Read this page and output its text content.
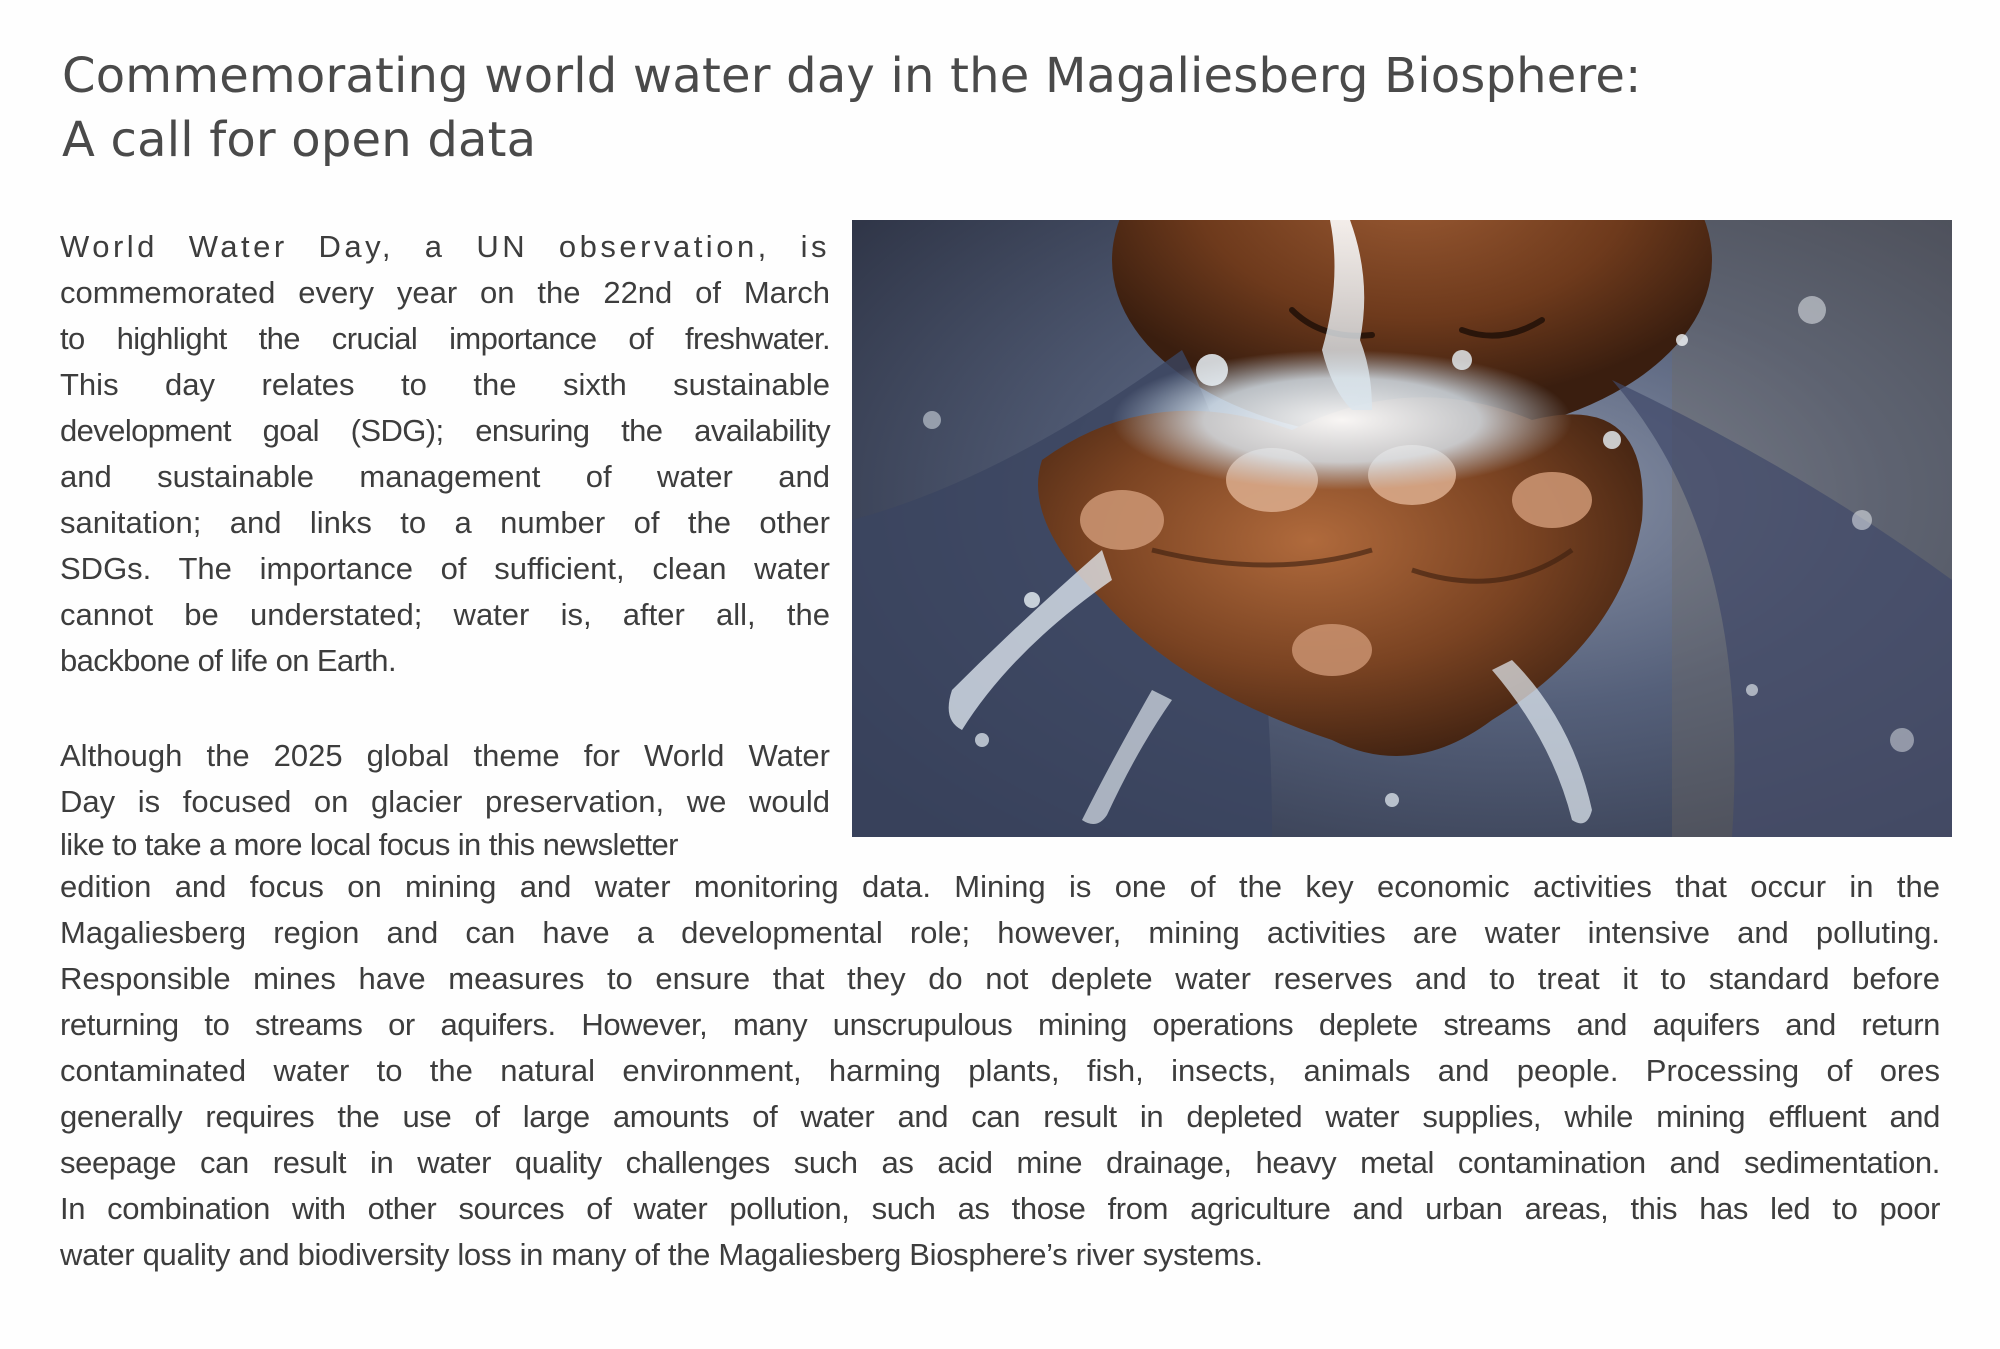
Commemorating world water day in the Magaliesberg Biosphere:
A call for open data
World Water Day, a UN observation, is
commemorated every year on the 22nd of March
to highlight the crucial importance of freshwater.
This day relates to the sixth sustainable
development goal (SDG); ensuring the availability
and sustainable management of water and
sanitation; and links to a number of the other
SDGs. The importance of sufficient, clean water
cannot be understated; water is, after all, the
backbone of life on Earth.
Although the 2025 global theme for World Water
Day is focused on glacier preservation, we would
like to take a more local focus in this newsletter
edition and focus on mining and water monitoring data. Mining is one of the key economic activities that occur in the
Magaliesberg region and can have a developmental role; however, mining activities are water intensive and polluting.
Responsible mines have measures to ensure that they do not deplete water reserves and to treat it to standard before
returning to streams or aquifers. However, many unscrupulous mining operations deplete streams and aquifers and return
contaminated water to the natural environment, harming plants, fish, insects, animals and people. Processing of ores
generally requires the use of large amounts of water and can result in depleted water supplies, while mining effluent and
seepage can result in water quality challenges such as acid mine drainage, heavy metal contamination and sedimentation.
In combination with other sources of water pollution, such as those from agriculture and urban areas, this has led to poor
water quality and biodiversity loss in many of the Magaliesberg Biosphere’s river systems.
